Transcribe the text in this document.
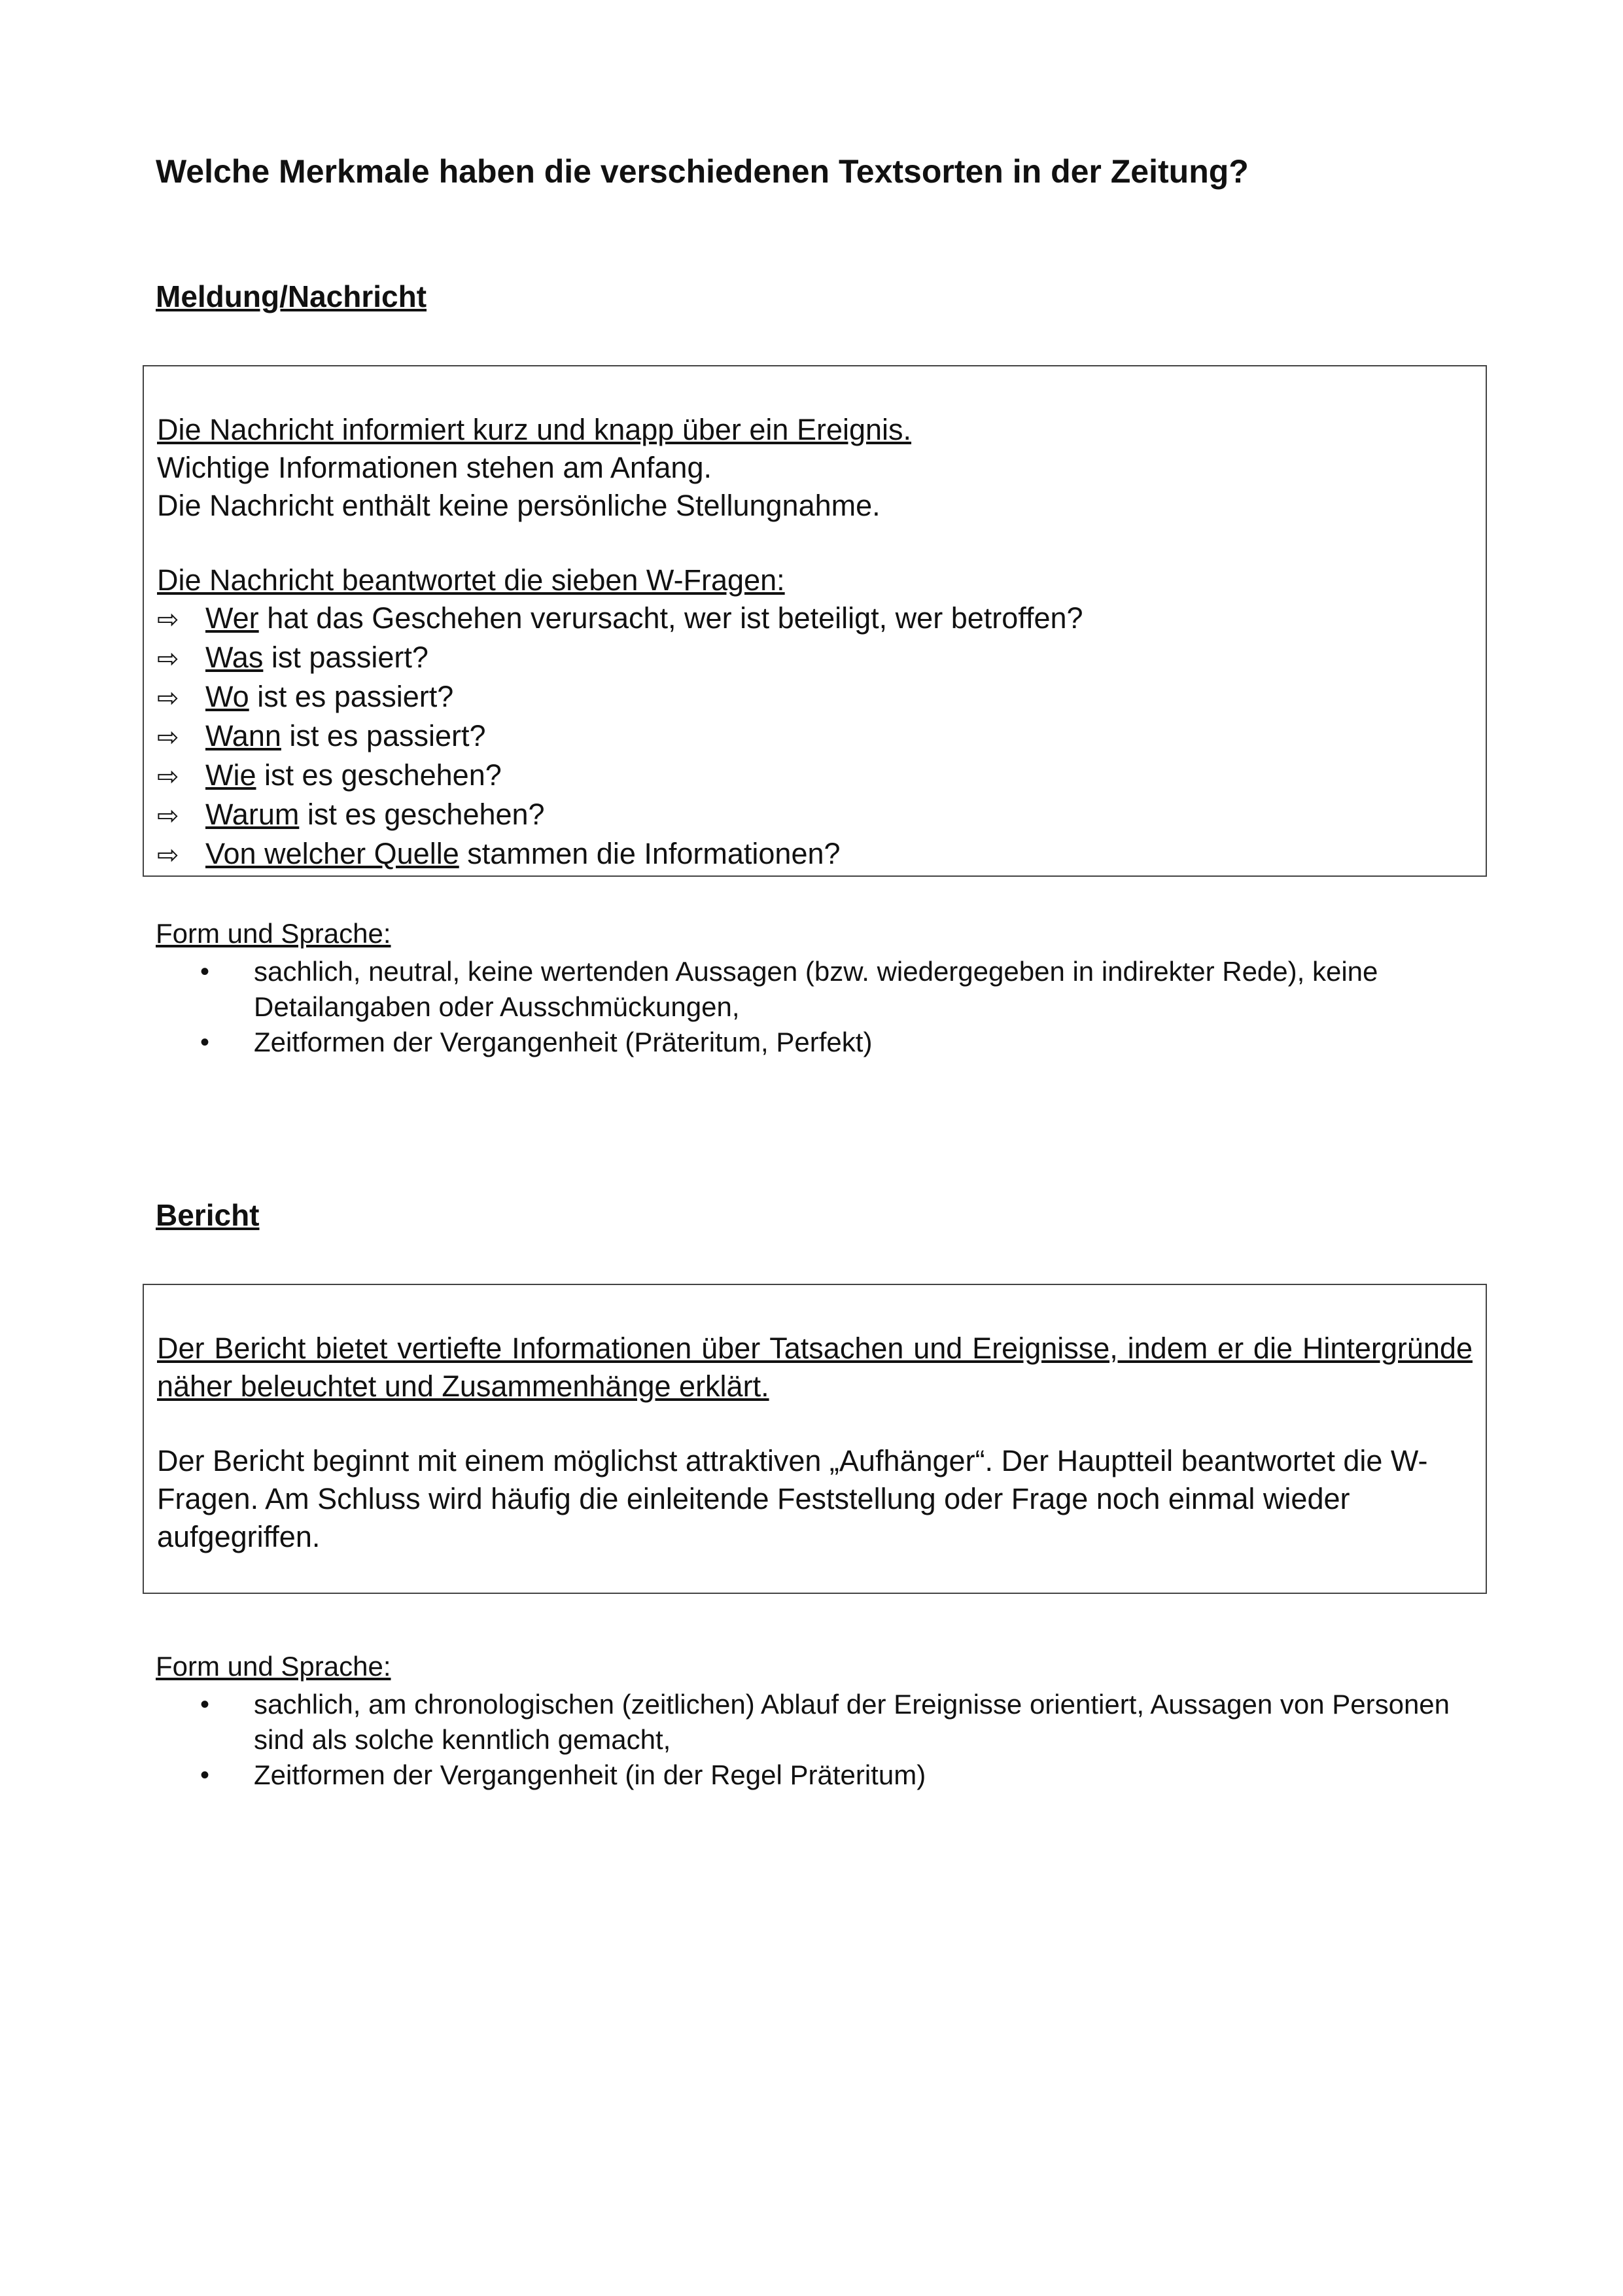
Welche Merkmale haben die verschiedenen Textsorten in der Zeitung?
Meldung/Nachricht

Die Nachricht informiert kurz und knapp über ein Ereignis.

Wichtige Informationen stehen am Anfang.

Die Nachricht enthält keine persönliche Stellungnahme.

Die Nachricht beantwortet die sieben W-Fragen:

⇨ Wer hat das Geschehen verursacht, wer ist beteiligt, wer betroffen?
⇨ Was ist passiert?
⇨ Wo ist es passiert?
⇨ Wann ist es passiert?
⇨ Wie ist es geschehen?
⇨ Warum ist es geschehen?
⇨ Von welcher Quelle stammen die Informationen?

Form und Sprache:

•	sachlich, neutral, keine wertenden Aussagen (bzw. wiedergegeben in indirekter Rede), keine Detailangaben oder Ausschmückungen,
•	Zeitformen der Vergangenheit (Präteritum, Perfekt)
Bericht

Der Bericht bietet vertiefte Informationen über Tatsachen und Ereignisse, indem er die Hintergründe näher beleuchtet und Zusammenhänge erklärt.

Der Bericht beginnt mit einem möglichst attraktiven „Aufhänger“. Der Hauptteil beantwortet die W-Fragen. Am Schluss wird häufig die einleitende Feststellung oder Frage noch einmal wieder aufgegriffen.

Form und Sprache:

•	sachlich, am chronologischen (zeitlichen) Ablauf der Ereignisse orientiert, Aussagen von Personen sind als solche kenntlich gemacht,
•	Zeitformen der Vergangenheit (in der Regel Präteritum)
